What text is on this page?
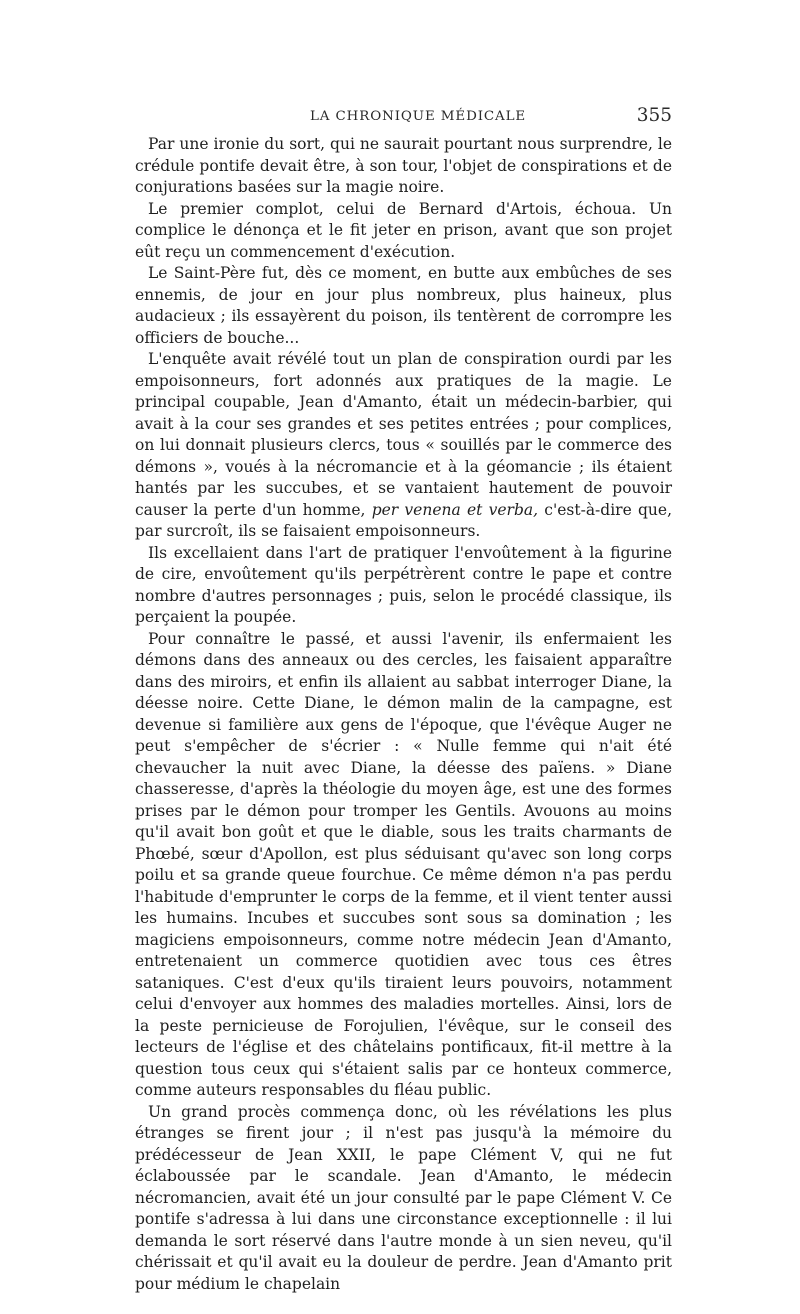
LA CHRONIQUE MÉDICALE	355

Par une ironie du sort, qui ne saurait pourtant nous surprendre, le crédule pontife devait être, à son tour, l'objet de conspirations et de conjurations basées sur la magie noire.

Le premier complot, celui de Bernard d'Artois, échoua. Un complice le dénonça et le fit jeter en prison, avant que son projet eût reçu un commencement d'exécution.

Le Saint-Père fut, dès ce moment, en butte aux embûches de ses ennemis, de jour en jour plus nombreux, plus haineux, plus audacieux ; ils essayèrent du poison, ils tentèrent de corrompre les officiers de bouche...

L'enquête avait révélé tout un plan de conspiration ourdi par les empoisonneurs, fort adonnés aux pratiques de la magie. Le principal coupable, Jean d'Amanto, était un médecin-barbier, qui avait à la cour ses grandes et ses petites entrées ; pour complices, on lui donnait plusieurs clercs, tous « souillés par le commerce des démons », voués à la nécromancie et à la géomancie ; ils étaient hantés par les succubes, et se vantaient hautement de pouvoir causer la perte d'un homme, per venena et verba, c'est-à-dire que, par surcroît, ils se faisaient empoisonneurs.

Ils excellaient dans l'art de pratiquer l'envoûtement à la figurine de cire, envoûtement qu'ils perpétrèrent contre le pape et contre nombre d'autres personnages ; puis, selon le procédé classique, ils perçaient la poupée.

Pour connaître le passé, et aussi l'avenir, ils enfermaient les démons dans des anneaux ou des cercles, les faisaient apparaître dans des miroirs, et enfin ils allaient au sabbat interroger Diane, la déesse noire. Cette Diane, le démon malin de la campagne, est devenue si familière aux gens de l'époque, que l'évêque Auger ne peut s'empêcher de s'écrier : « Nulle femme qui n'ait été chevaucher la nuit avec Diane, la déesse des païens. » Diane chasseresse, d'après la théologie du moyen âge, est une des formes prises par le démon pour tromper les Gentils. Avouons au moins qu'il avait bon goût et que le diable, sous les traits charmants de Phœbé, sœur d'Apollon, est plus séduisant qu'avec son long corps poilu et sa grande queue fourchue. Ce même démon n'a pas perdu l'habitude d'emprunter le corps de la femme, et il vient tenter aussi les humains. Incubes et succubes sont sous sa domination ; les magiciens empoisonneurs, comme notre médecin Jean d'Amanto, entretenaient un commerce quotidien avec tous ces êtres sataniques. C'est d'eux qu'ils tiraient leurs pouvoirs, notamment celui d'envoyer aux hommes des maladies mortelles. Ainsi, lors de la peste pernicieuse de Forojulien, l'évêque, sur le conseil des lecteurs de l'église et des châtelains pontificaux, fit-il mettre à la question tous ceux qui s'étaient salis par ce honteux commerce, comme auteurs responsables du fléau public.

Un grand procès commença donc, où les révélations les plus étranges se firent jour ; il n'est pas jusqu'à la mémoire du prédécesseur de Jean XXII, le pape Clément V, qui ne fut éclaboussée par le scandale. Jean d'Amanto, le médecin nécromancien, avait été un jour consulté par le pape Clément V. Ce pontife s'adressa à lui dans une circonstance exceptionnelle : il lui demanda le sort réservé dans l'autre monde à un sien neveu, qu'il chérissait et qu'il avait eu la douleur de perdre. Jean d'Amanto prit pour médium le chapelain
